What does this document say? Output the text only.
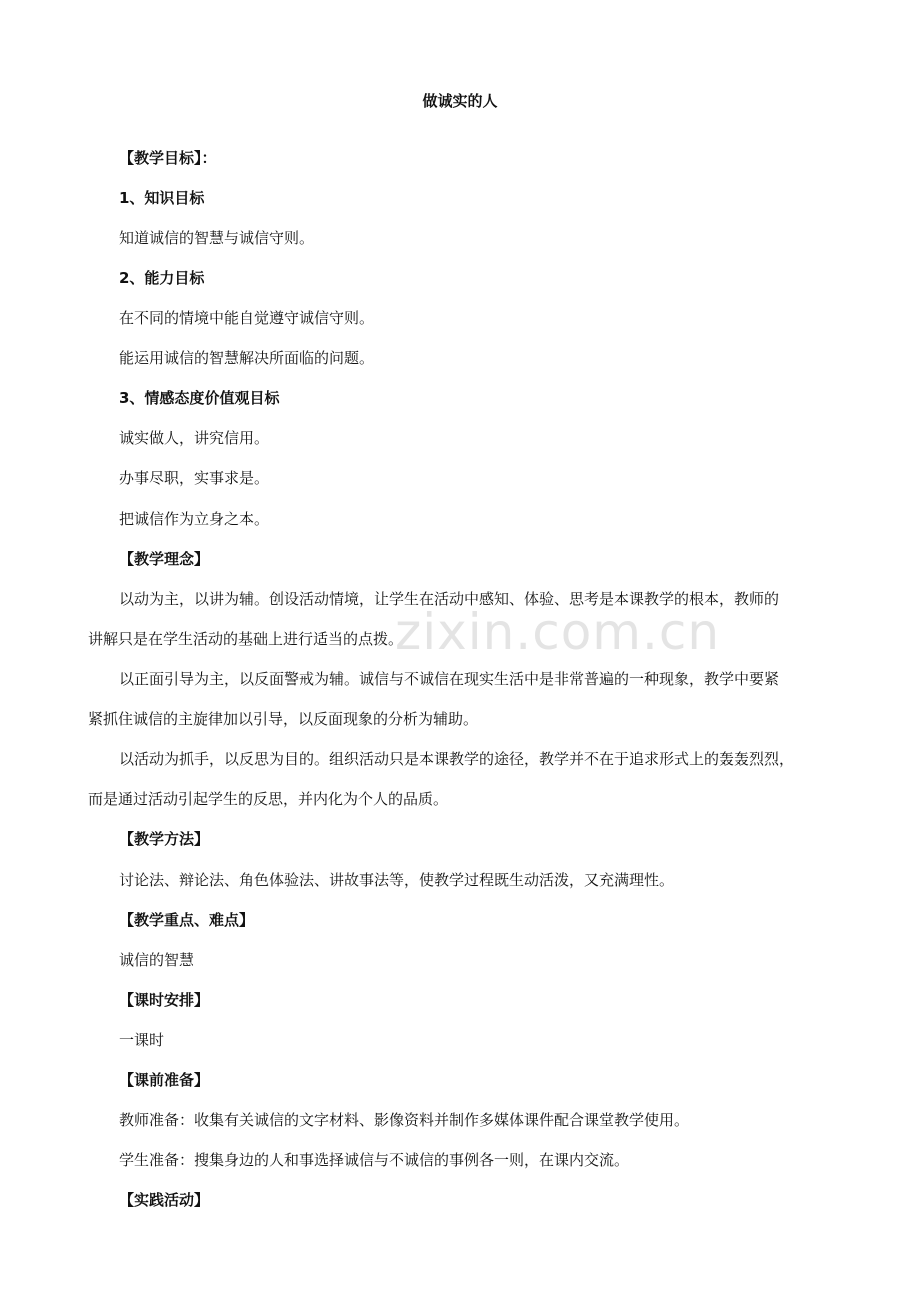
zixin.com.cn
做诚实的人
【教学目标】：
1、知识目标
知道诚信的智慧与诚信守则。
2、能力目标
在不同的情境中能自觉遵守诚信守则。
能运用诚信的智慧解决所面临的问题。
3、情感态度价值观目标
诚实做人，讲究信用。
办事尽职，实事求是。
把诚信作为立身之本。
【教学理念】
以动为主，以讲为辅。创设活动情境，让学生在活动中感知、体验、思考是本课教学的根本，教师的
讲解只是在学生活动的基础上进行适当的点拨。
以正面引导为主，以反面警戒为辅。诚信与不诚信在现实生活中是非常普遍的一种现象，教学中要紧
紧抓住诚信的主旋律加以引导，以反面现象的分析为辅助。
以活动为抓手，以反思为目的。组织活动只是本课教学的途径，教学并不在于追求形式上的轰轰烈烈，
而是通过活动引起学生的反思，并内化为个人的品质。
【教学方法】
讨论法、辩论法、角色体验法、讲故事法等，使教学过程既生动活泼，又充满理性。
【教学重点、难点】
诚信的智慧
【课时安排】
一课时
【课前准备】
教师准备：收集有关诚信的文字材料、影像资料并制作多媒体课件配合课堂教学使用。
学生准备：搜集身边的人和事选择诚信与不诚信的事例各一则，在课内交流。
【实践活动】
